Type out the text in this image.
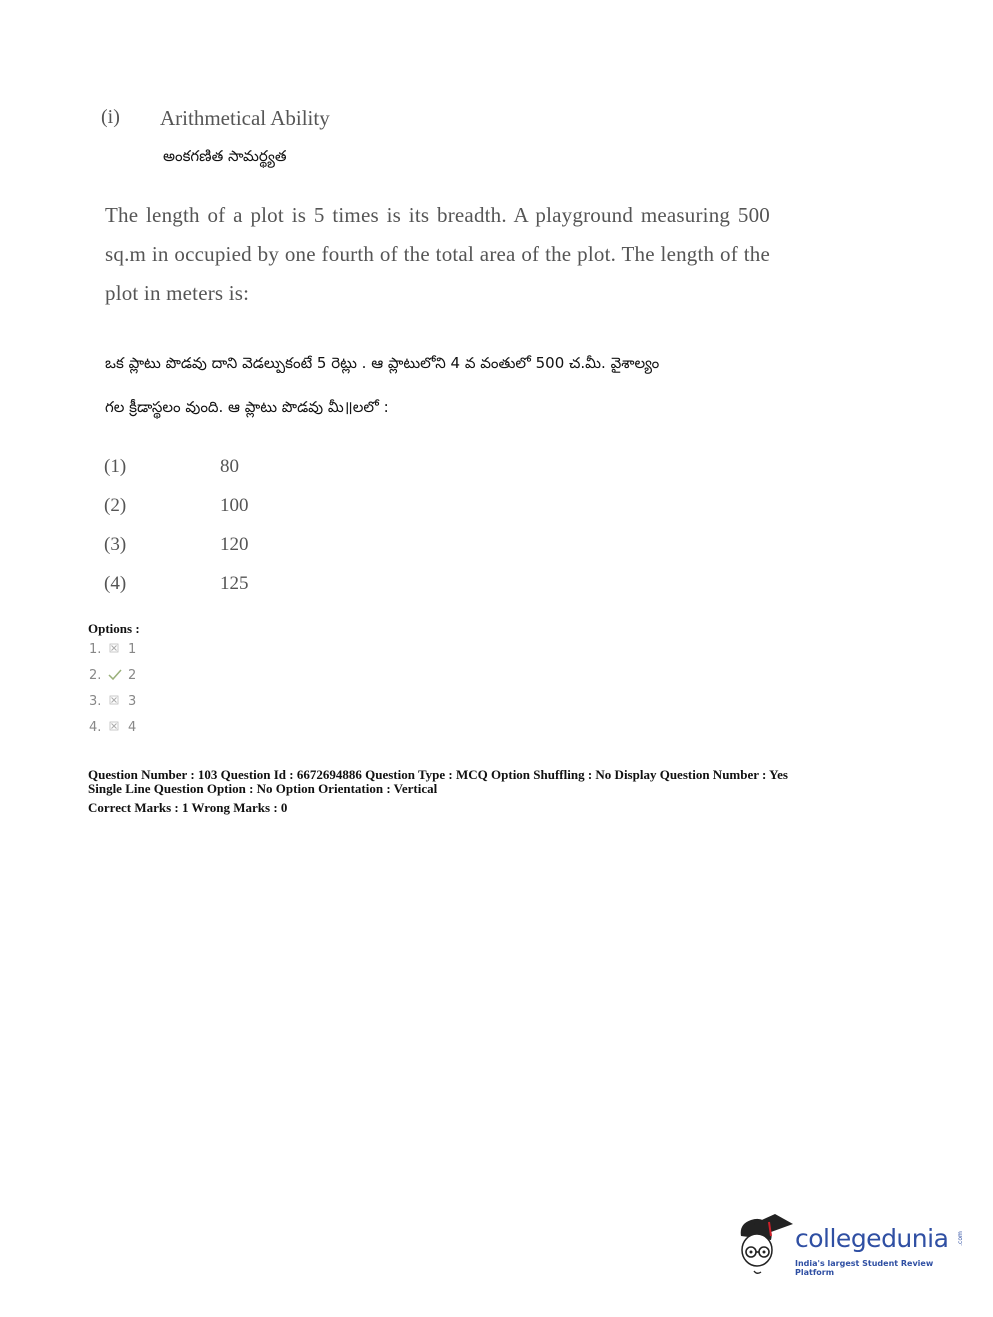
(i) Arithmetical Ability
అంకగణిత సామర్థ్యత
The length of a plot is 5 times is its breadth. A playground measuring 500 sq.m in occupied by one fourth of the total area of the plot. The length of the plot in meters is:
ఒక ప్లాటు పొడవు దాని వెడల్పుకంటే 5 రెట్లు . ఆ ప్లాటులోని 4 వ వంతులో 500 చ.మీ. వైశాల్యం
గల క్రీడాస్థలం వుంది. ఆ ప్లాటు పొడవు మీ॥లలో :
(1)	80
(2)	100
(3)	120
(4)	125
Options :
1. 1
2. 2
3. 3
4. 4
Question Number : 103 Question Id : 6672694886 Question Type : MCQ Option Shuffling : No Display Question Number : Yes
Single Line Question Option : No Option Orientation : Vertical
Correct Marks : 1 Wrong Marks : 0
collegedunia .com
India's largest Student Review Platform
